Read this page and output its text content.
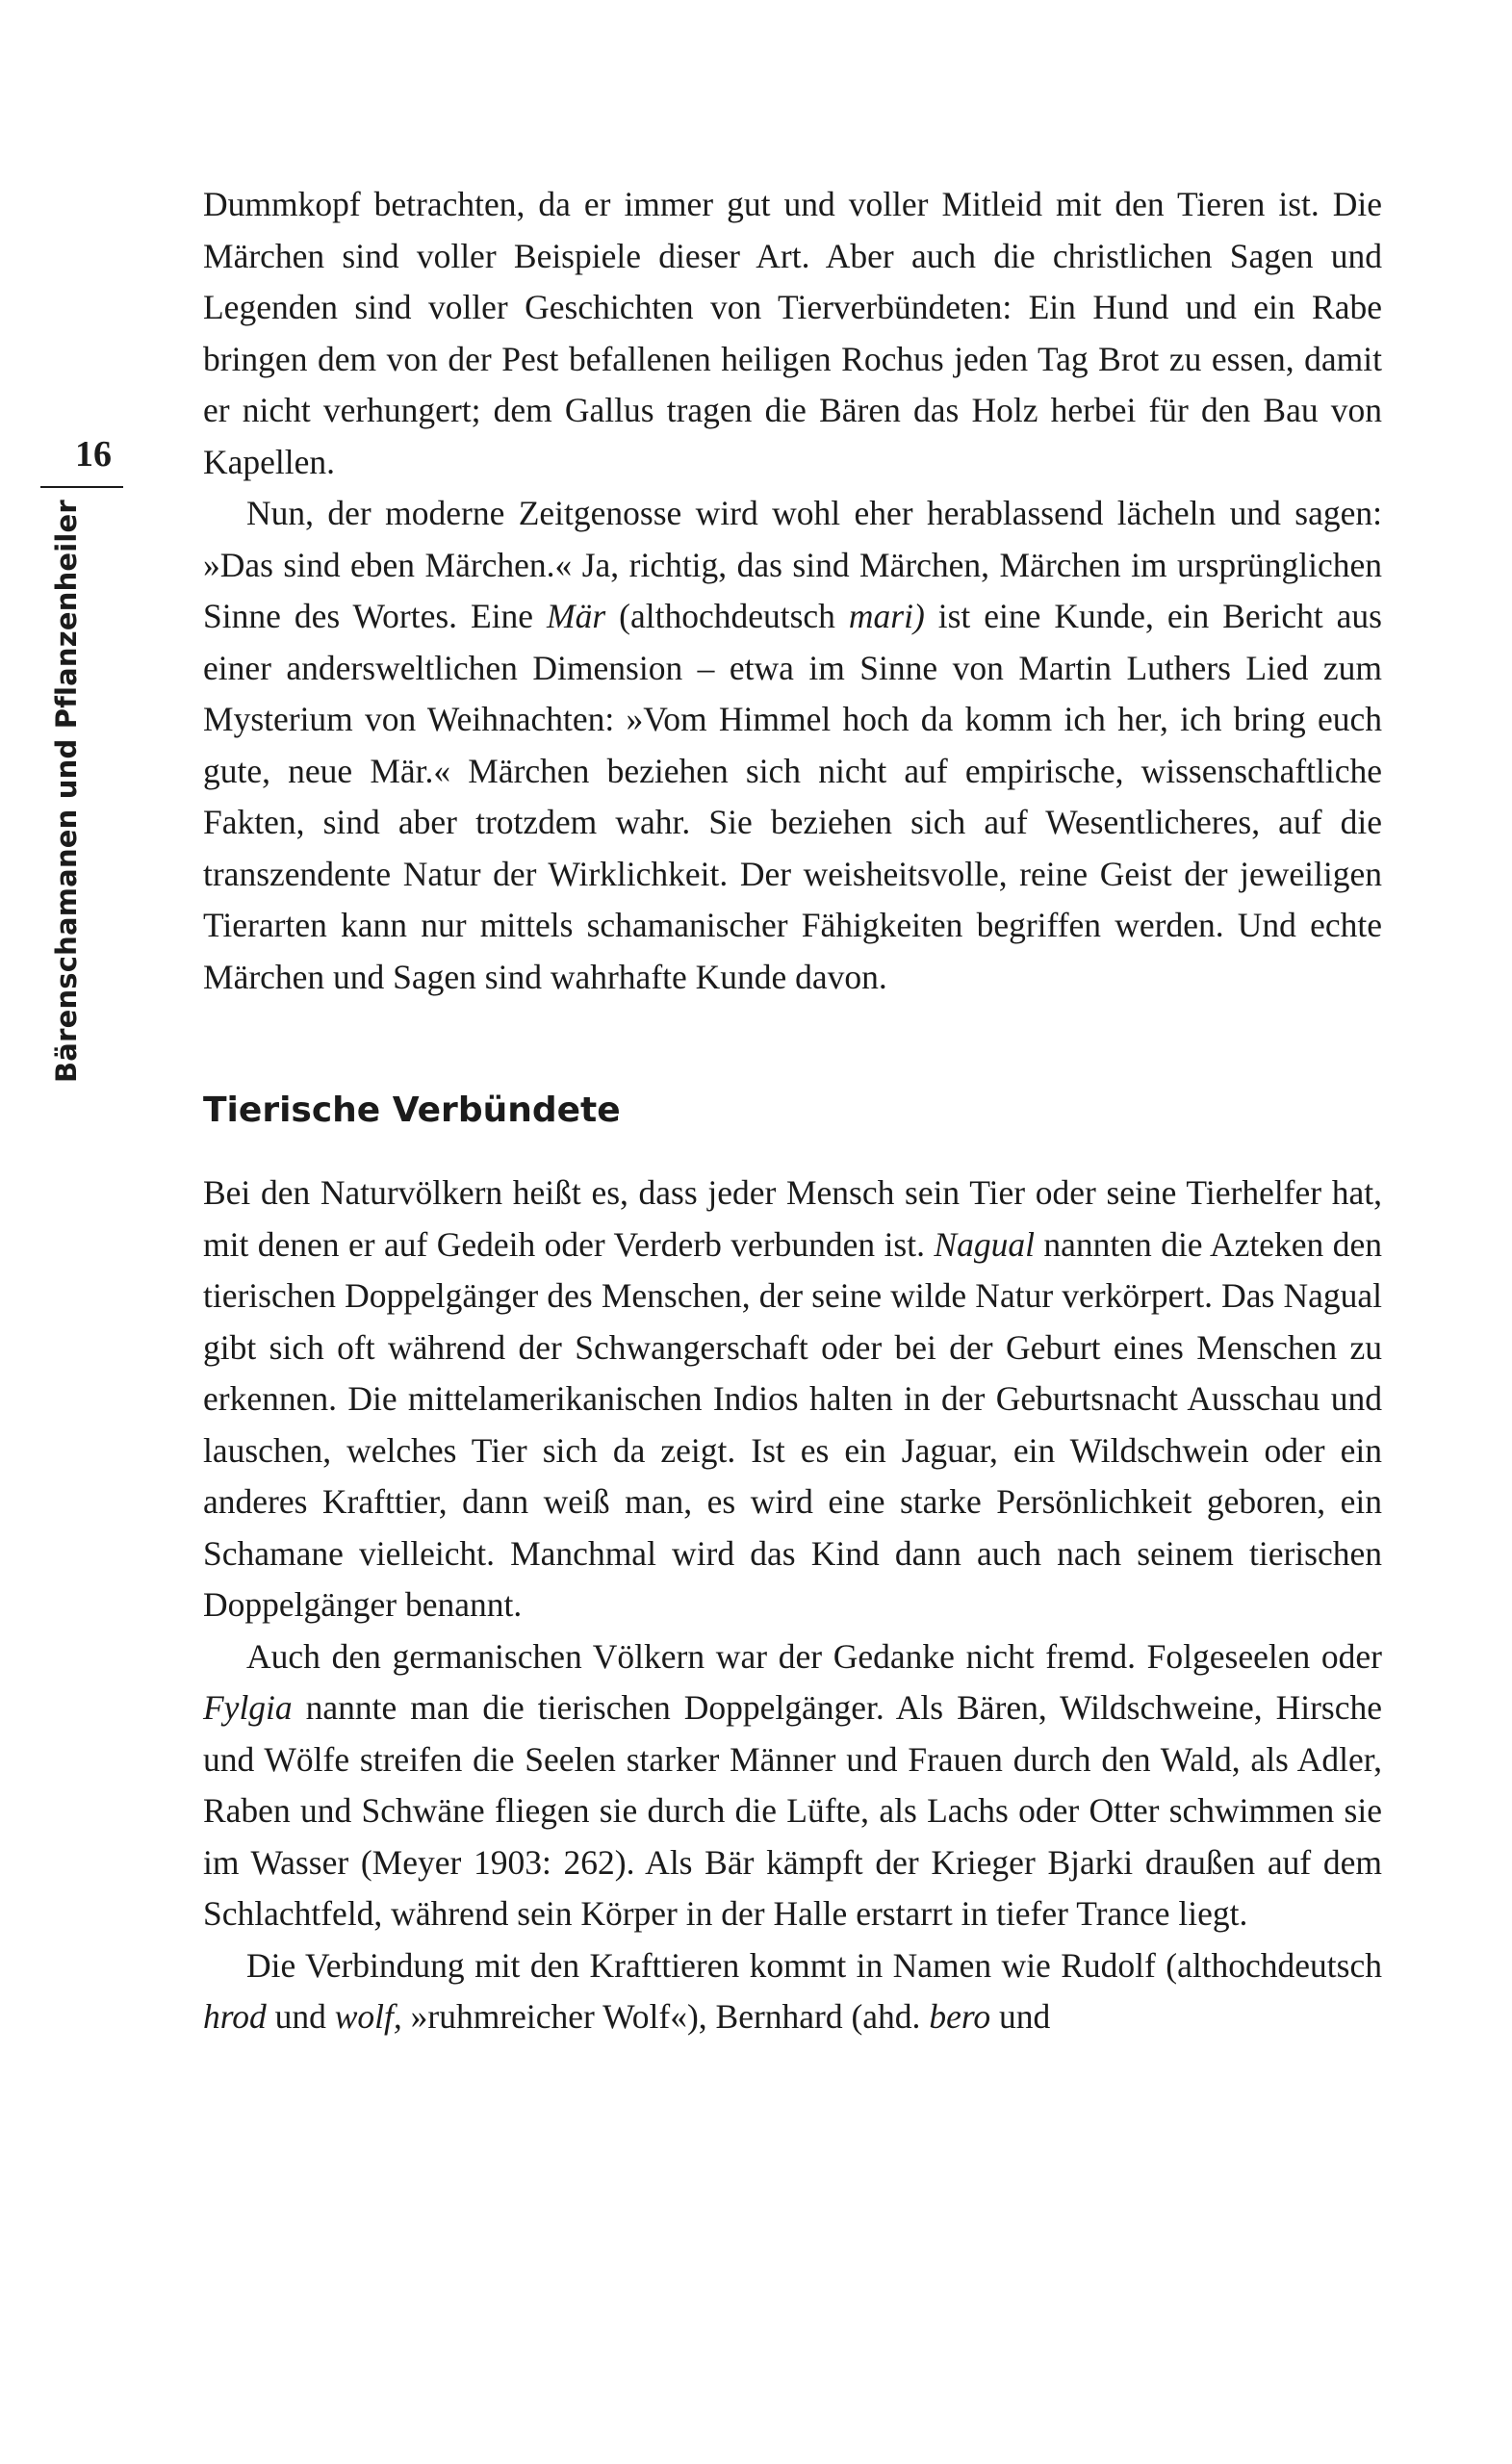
16
Bärenschamanen und Pflanzenheiler

Dummkopf betrachten, da er immer gut und voller Mitleid mit den Tieren ist. Die Märchen sind voller Beispiele dieser Art. Aber auch die christlichen Sagen und Legenden sind voller Geschichten von Tierverbündeten: Ein Hund und ein Rabe bringen dem von der Pest befallenen heiligen Rochus jeden Tag Brot zu essen, damit er nicht verhungert; dem Gallus tragen die Bären das Holz herbei für den Bau von Kapellen.

Nun, der moderne Zeitgenosse wird wohl eher herablassend lächeln und sagen: »Das sind eben Märchen.« Ja, richtig, das sind Märchen, Märchen im ursprünglichen Sinne des Wortes. Eine Mär (althochdeutsch mari) ist eine Kunde, ein Bericht aus einer andersweltlichen Dimension – etwa im Sinne von Martin Luthers Lied zum Mysterium von Weihnachten: »Vom Himmel hoch da komm ich her, ich bring euch gute, neue Mär.« Märchen beziehen sich nicht auf empirische, wissenschaftliche Fakten, sind aber trotzdem wahr. Sie beziehen sich auf Wesentlicheres, auf die transzendente Natur der Wirklichkeit. Der weisheitsvolle, reine Geist der jeweiligen Tierarten kann nur mittels schamanischer Fähigkeiten begriffen werden. Und echte Märchen und Sagen sind wahrhafte Kunde davon.

Tierische Verbündete

Bei den Naturvölkern heißt es, dass jeder Mensch sein Tier oder seine Tierhelfer hat, mit denen er auf Gedeih oder Verderb verbunden ist. Nagual nannten die Azteken den tierischen Doppelgänger des Menschen, der seine wilde Natur verkörpert. Das Nagual gibt sich oft während der Schwangerschaft oder bei der Geburt eines Menschen zu erkennen. Die mittelamerikanischen Indios halten in der Geburtsnacht Ausschau und lauschen, welches Tier sich da zeigt. Ist es ein Jaguar, ein Wildschwein oder ein anderes Krafttier, dann weiß man, es wird eine starke Persönlichkeit geboren, ein Schamane vielleicht. Manchmal wird das Kind dann auch nach seinem tierischen Doppelgänger benannt.

Auch den germanischen Völkern war der Gedanke nicht fremd. Folgeseelen oder Fylgia nannte man die tierischen Doppelgänger. Als Bären, Wildschweine, Hirsche und Wölfe streifen die Seelen starker Männer und Frauen durch den Wald, als Adler, Raben und Schwäne fliegen sie durch die Lüfte, als Lachs oder Otter schwimmen sie im Wasser (Meyer 1903: 262). Als Bär kämpft der Krieger Bjarki draußen auf dem Schlachtfeld, während sein Körper in der Halle erstarrt in tiefer Trance liegt.

Die Verbindung mit den Krafttieren kommt in Namen wie Rudolf (althochdeutsch hrod und wolf, »ruhmreicher Wolf«), Bernhard (ahd. bero und
